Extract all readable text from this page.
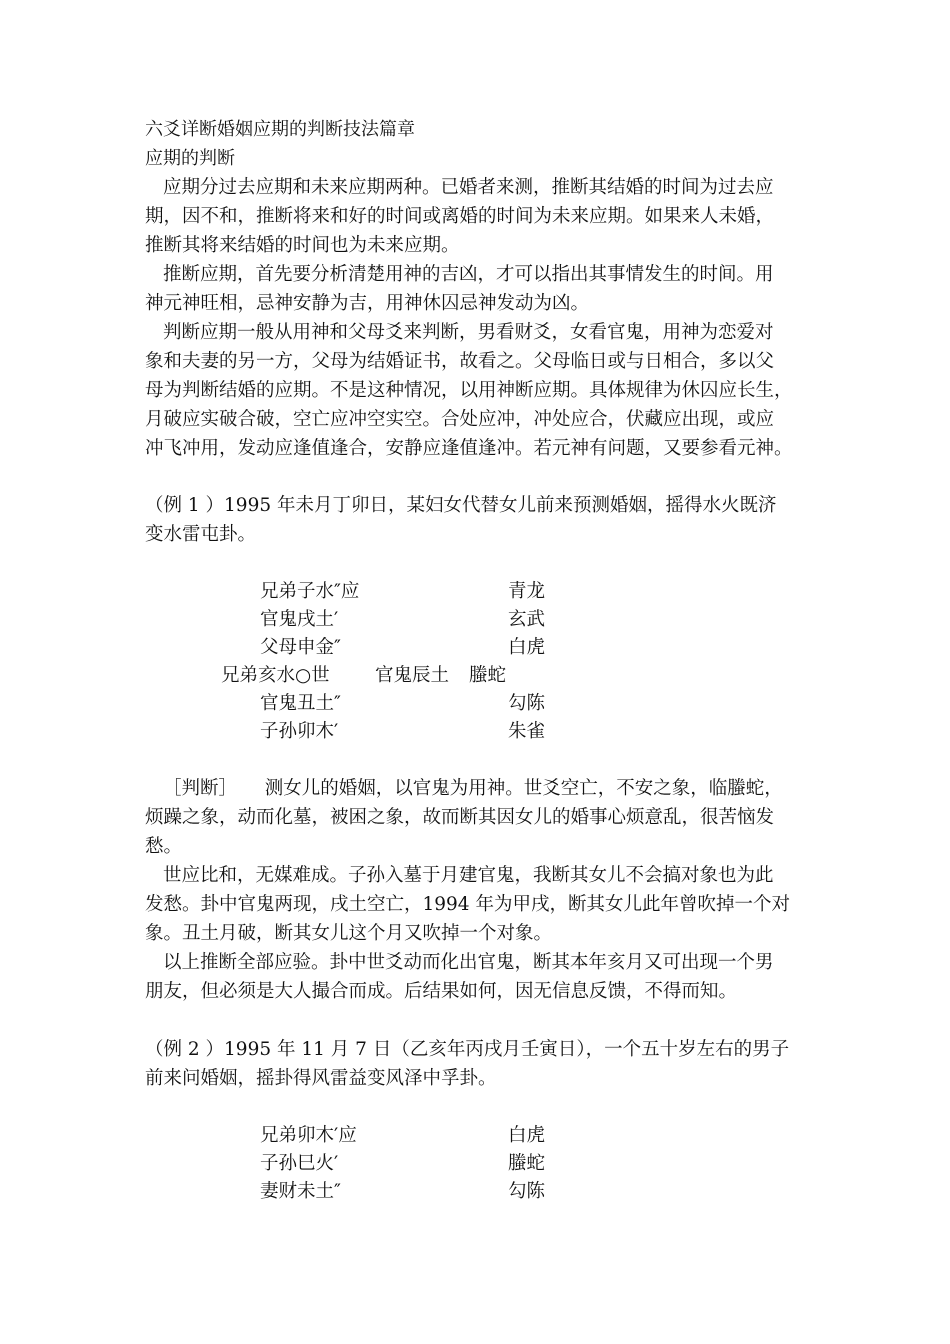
六爻详断婚姻应期的判断技法篇章
应期的判断
应期分过去应期和未来应期两种。已婚者来测，推断其结婚的时间为过去应
期，因不和，推断将来和好的时间或离婚的时间为未来应期。如果来人未婚，
推断其将来结婚的时间也为未来应期。
推断应期，首先要分析清楚用神的吉凶，才可以指出其事情发生的时间。用
神元神旺相，忌神安静为吉，用神休囚忌神发动为凶。
判断应期一般从用神和父母爻来判断，男看财爻，女看官鬼，用神为恋爱对
象和夫妻的另一方，父母为结婚证书，故看之。父母临日或与日相合，多以父
母为判断结婚的应期。不是这种情况，以用神断应期。具体规律为休囚应长生，
月破应实破合破，空亡应冲空实空。合处应冲，冲处应合，伏藏应出现，或应
冲飞冲用，发动应逢值逢合，安静应逢值逢冲。若元神有问题，又要参看元神。
（例 1 ）1995 年未月丁卯日，某妇女代替女儿前来预测婚姻，摇得水火既济
变水雷屯卦。
兄弟子水″应	青龙
官鬼戌土′	玄武
父母申金″	白虎
兄弟亥水○世 官鬼辰土 螣蛇
官鬼丑土″	勾陈
子孙卯木′	朱雀
［判断］　　测女儿的婚姻，以官鬼为用神。世爻空亡，不安之象，临螣蛇，
烦躁之象，动而化墓，被困之象，故而断其因女儿的婚事心烦意乱，很苦恼发
愁。
世应比和，无媒难成。子孙入墓于月建官鬼，我断其女儿不会搞对象也为此
发愁。卦中官鬼两现，戌土空亡，1994 年为甲戌，断其女儿此年曾吹掉一个对
象。丑土月破，断其女儿这个月又吹掉一个对象。
以上推断全部应验。卦中世爻动而化出官鬼，断其本年亥月又可出现一个男
朋友，但必须是大人撮合而成。后结果如何，因无信息反馈，不得而知。
（例 2 ）1995 年 11 月 7 日（乙亥年丙戌月壬寅日），一个五十岁左右的男子
前来问婚姻，摇卦得风雷益变风泽中孚卦。
兄弟卯木′应	白虎
子孙巳火′	螣蛇
妻财未土″	勾陈
